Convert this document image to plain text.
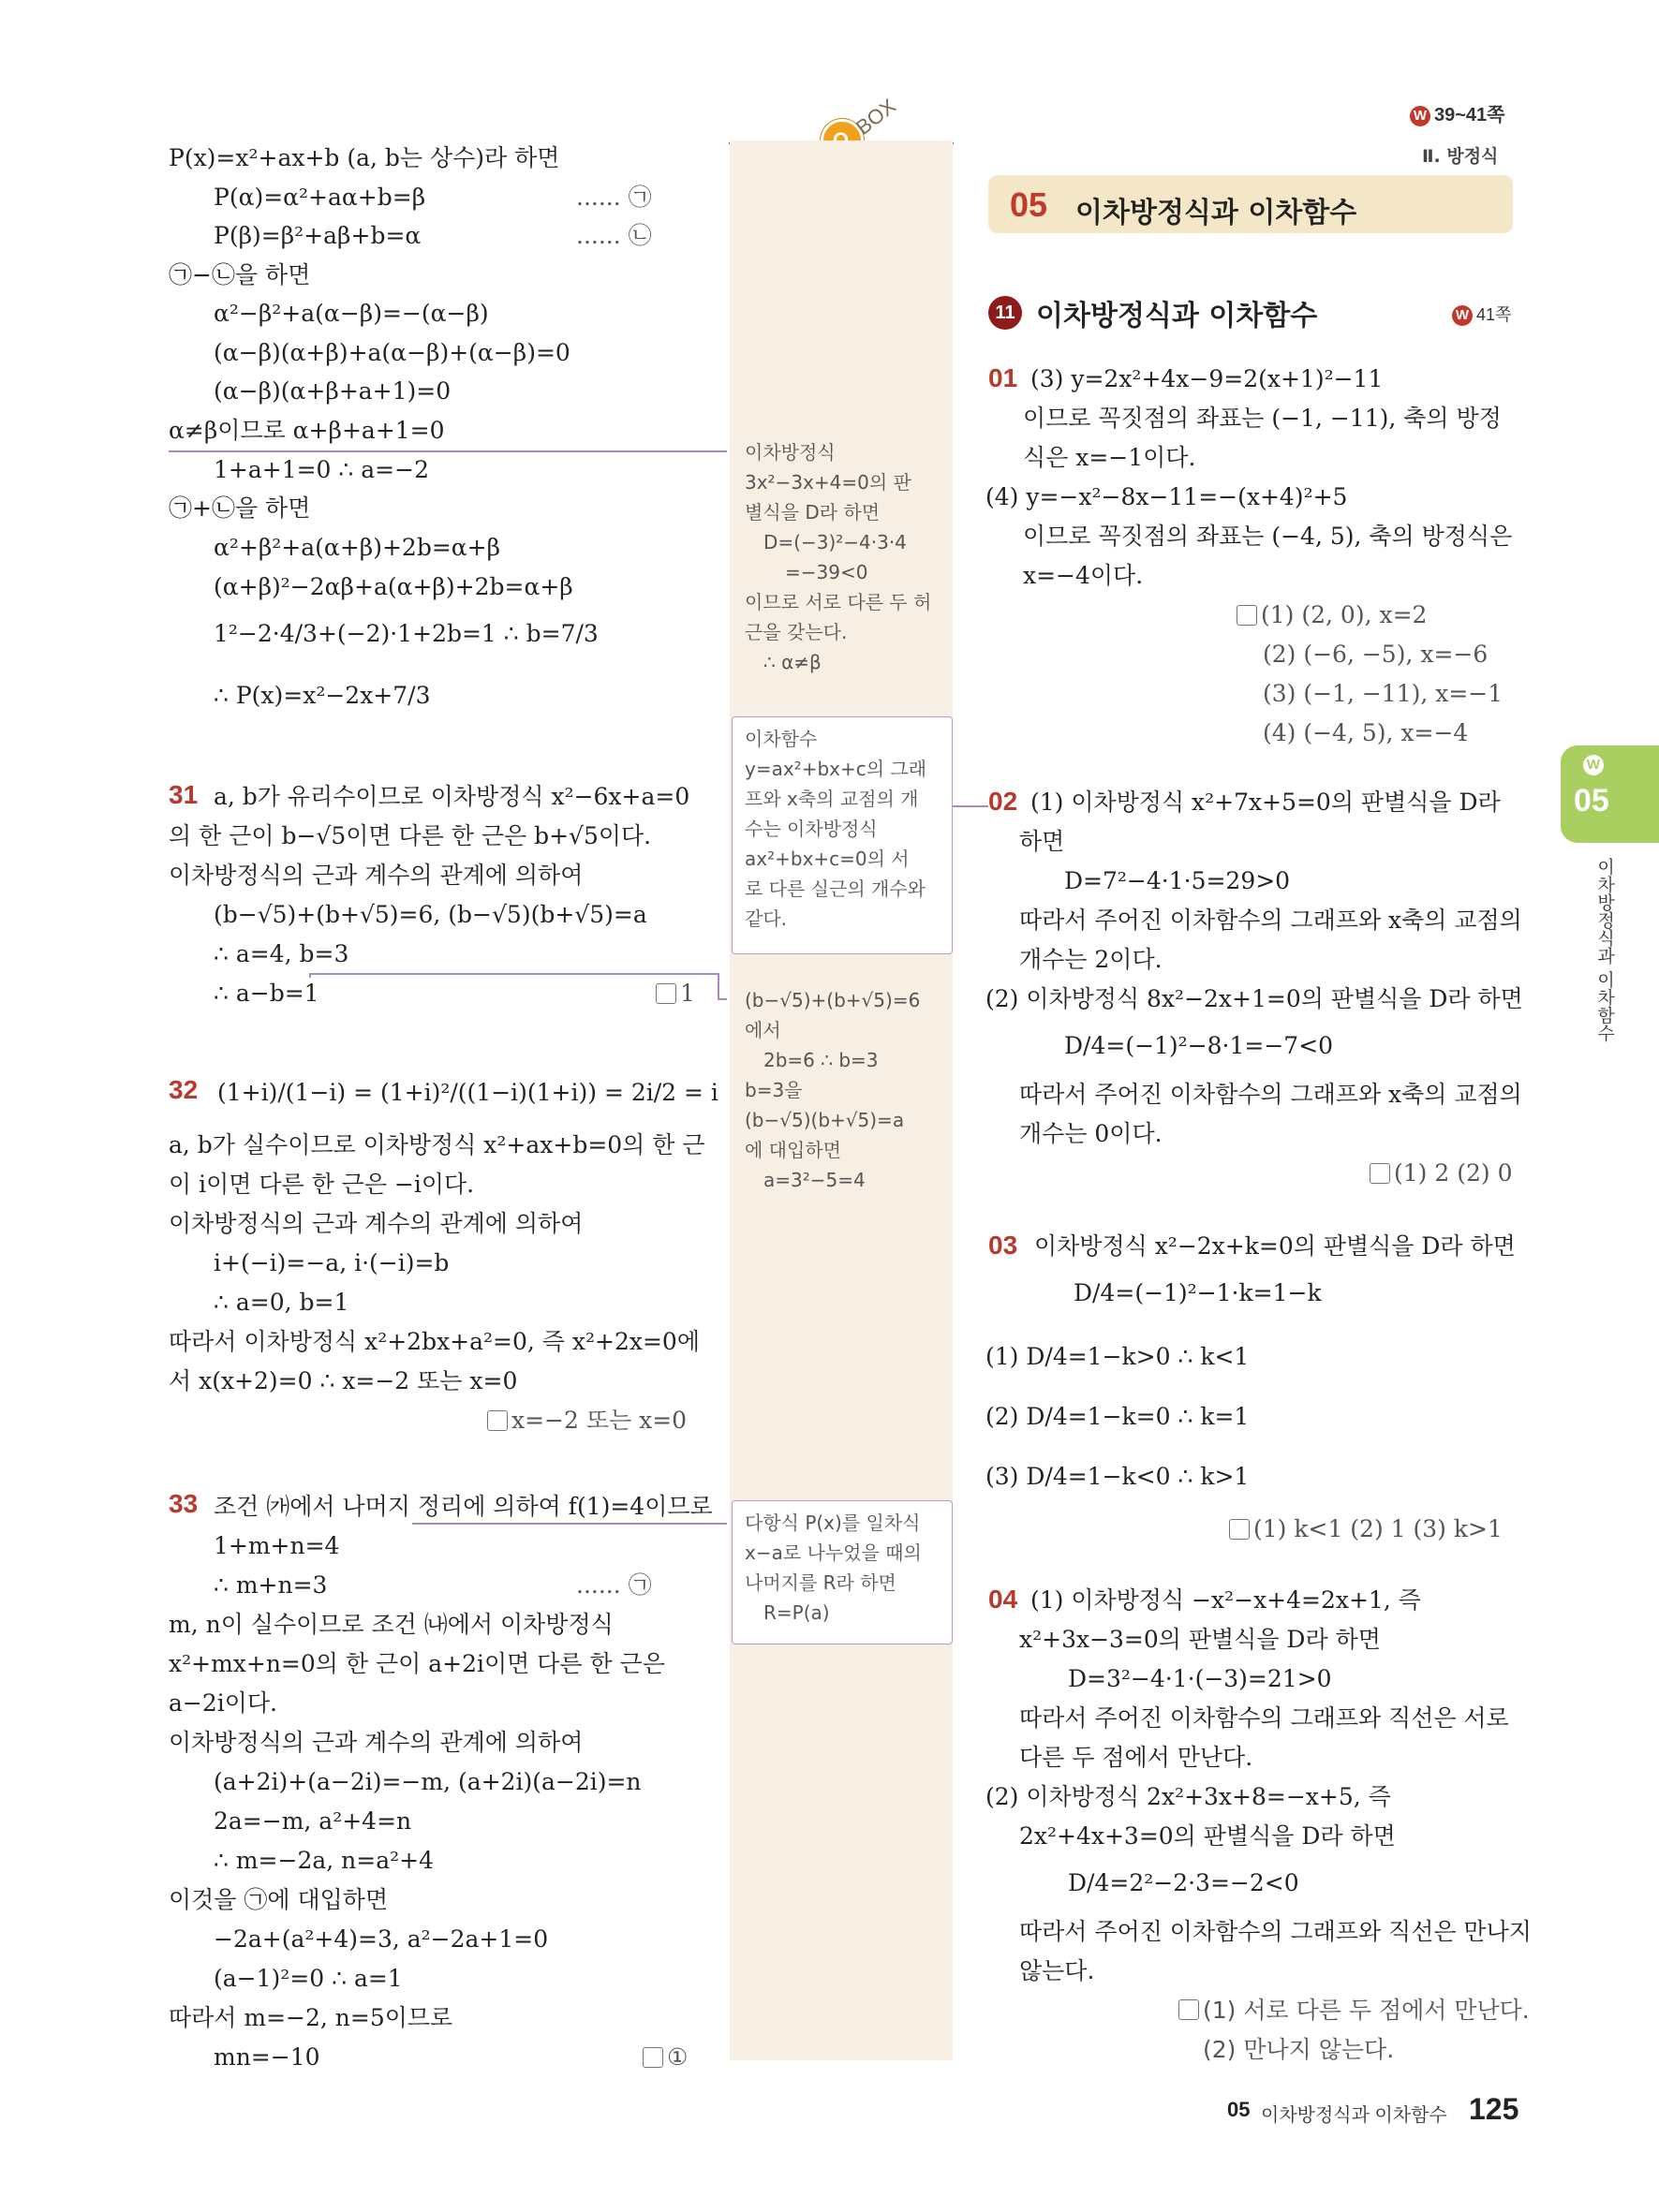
W 39~41쪽
Ⅱ. 방정식
BOX
05 이차방정식과 이차함수
P(x)=x²+ax+b (a, b는 상수)라 하면
P(α)=α²+aα+b=β	...... ㉠
P(β)=β²+aβ+b=α	...... ㉡
㉠−㉡을 하면
α²−β²+a(α−β)=−(α−β)
(α−β)(α+β)+a(α−β)+(α−β)=0
(α−β)(α+β+a+1)=0
α≠β이므로 α+β+a+1=0
1+a+1=0 ∴ a=−2
㉠+㉡을 하면
α²+β²+a(α+β)+2b=α+β
(α+β)²−2αβ+a(α+β)+2b=α+β
1²−2·4/3+(−2)·1+2b=1 ∴ b=7/3
∴ P(x)=x²−2x+7/3
31 a, b가 유리수이므로 이차방정식 x²−6x+a=0
의 한 근이 b−√5이면 다른 한 근은 b+√5이다.
이차방정식의 근과 계수의 관계에 의하여
(b−√5)+(b+√5)=6, (b−√5)(b+√5)=a
∴ a=4, b=3
∴ a−b=1	1
32 (1+i)/(1−i) = (1+i)²/((1−i)(1+i)) = 2i/2 = i
a, b가 실수이므로 이차방정식 x²+ax+b=0의 한 근
이 i이면 다른 한 근은 −i이다.
이차방정식의 근과 계수의 관계에 의하여
i+(−i)=−a, i·(−i)=b
∴ a=0, b=1
따라서 이차방정식 x²+2bx+a²=0, 즉 x²+2x=0에
서 x(x+2)=0 ∴ x=−2 또는 x=0
x=−2 또는 x=0
33 조건 ㈎에서 나머지 정리에 의하여 f(1)=4이므로
1+m+n=4
∴ m+n=3	...... ㉠
m, n이 실수이므로 조건 ㈏에서 이차방정식
x²+mx+n=0의 한 근이 a+2i이면 다른 한 근은
a−2i이다.
이차방정식의 근과 계수의 관계에 의하여
(a+2i)+(a−2i)=−m, (a+2i)(a−2i)=n
2a=−m, a²+4=n
∴ m=−2a, n=a²+4
이것을 ㉠에 대입하면
−2a+(a²+4)=3, a²−2a+1=0
(a−1)²=0 ∴ a=1
따라서 m=−2, n=5이므로
mn=−10	①
이차방정식
3x²−3x+4=0의 판
별식을 D라 하면
D=(−3)²−4·3·4
=−39<0
이므로 서로 다른 두 허
근을 갖는다.
∴ α≠β
이차함수
y=ax²+bx+c의 그래
프와 x축의 교점의 개
수는 이차방정식
ax²+bx+c=0의 서
로 다른 실근의 개수와
같다.
(b−√5)+(b+√5)=6
에서
2b=6 ∴ b=3
b=3을
(b−√5)(b+√5)=a
에 대입하면
a=3²−5=4
다항식 P(x)를 일차식
x−a로 나누었을 때의
나머지를 R라 하면
R=P(a)
11 이차방정식과 이차함수	W 41쪽
01 (3) y=2x²+4x−9=2(x+1)²−11
이므로 꼭짓점의 좌표는 (−1, −11), 축의 방정
식은 x=−1이다.
(4) y=−x²−8x−11=−(x+4)²+5
이므로 꼭짓점의 좌표는 (−4, 5), 축의 방정식은
x=−4이다.
(1) (2, 0), x=2
(2) (−6, −5), x=−6
(3) (−1, −11), x=−1
(4) (−4, 5), x=−4
02 (1) 이차방정식 x²+7x+5=0의 판별식을 D라
하면
D=7²−4·1·5=29>0
따라서 주어진 이차함수의 그래프와 x축의 교점의
개수는 2이다.
(2) 이차방정식 8x²−2x+1=0의 판별식을 D라 하면
D/4=(−1)²−8·1=−7<0
따라서 주어진 이차함수의 그래프와 x축의 교점의
개수는 0이다.
(1) 2 (2) 0
03 이차방정식 x²−2x+k=0의 판별식을 D라 하면
D/4=(−1)²−1·k=1−k
(1) D/4=1−k>0 ∴ k<1
(2) D/4=1−k=0 ∴ k=1
(3) D/4=1−k<0 ∴ k>1
(1) k<1 (2) 1 (3) k>1
04 (1) 이차방정식 −x²−x+4=2x+1, 즉
x²+3x−3=0의 판별식을 D라 하면
D=3²−4·1·(−3)=21>0
따라서 주어진 이차함수의 그래프와 직선은 서로
다른 두 점에서 만난다.
(2) 이차방정식 2x²+3x+8=−x+5, 즉
2x²+4x+3=0의 판별식을 D라 하면
D/4=2²−2·3=−2<0
따라서 주어진 이차함수의 그래프와 직선은 만나지
않는다.
(1) 서로 다른 두 점에서 만난다.
(2) 만나지 않는다.
W
05
이차방정식과 이차함수
05 이차방정식과 이차함수 125
